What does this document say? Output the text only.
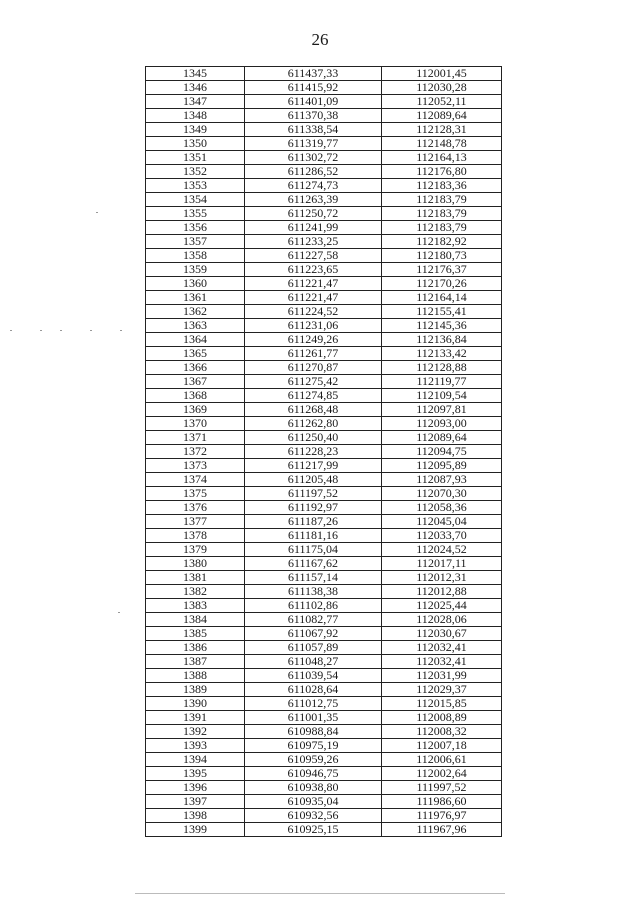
26
1345	611437,33	112001,45
1346	611415,92	112030,28
1347	611401,09	112052,11
1348	611370,38	112089,64
1349	611338,54	112128,31
1350	611319,77	112148,78
1351	611302,72	112164,13
1352	611286,52	112176,80
1353	611274,73	112183,36
1354	611263,39	112183,79
1355	611250,72	112183,79
1356	611241,99	112183,79
1357	611233,25	112182,92
1358	611227,58	112180,73
1359	611223,65	112176,37
1360	611221,47	112170,26
1361	611221,47	112164,14
1362	611224,52	112155,41
1363	611231,06	112145,36
1364	611249,26	112136,84
1365	611261,77	112133,42
1366	611270,87	112128,88
1367	611275,42	112119,77
1368	611274,85	112109,54
1369	611268,48	112097,81
1370	611262,80	112093,00
1371	611250,40	112089,64
1372	611228,23	112094,75
1373	611217,99	112095,89
1374	611205,48	112087,93
1375	611197,52	112070,30
1376	611192,97	112058,36
1377	611187,26	112045,04
1378	611181,16	112033,70
1379	611175,04	112024,52
1380	611167,62	112017,11
1381	611157,14	112012,31
1382	611138,38	112012,88
1383	611102,86	112025,44
1384	611082,77	112028,06
1385	611067,92	112030,67
1386	611057,89	112032,41
1387	611048,27	112032,41
1388	611039,54	112031,99
1389	611028,64	112029,37
1390	611012,75	112015,85
1391	611001,35	112008,89
1392	610988,84	112008,32
1393	610975,19	112007,18
1394	610959,26	112006,61
1395	610946,75	112002,64
1396	610938,80	111997,52
1397	610935,04	111986,60
1398	610932,56	111976,97
1399	610925,15	111967,96
